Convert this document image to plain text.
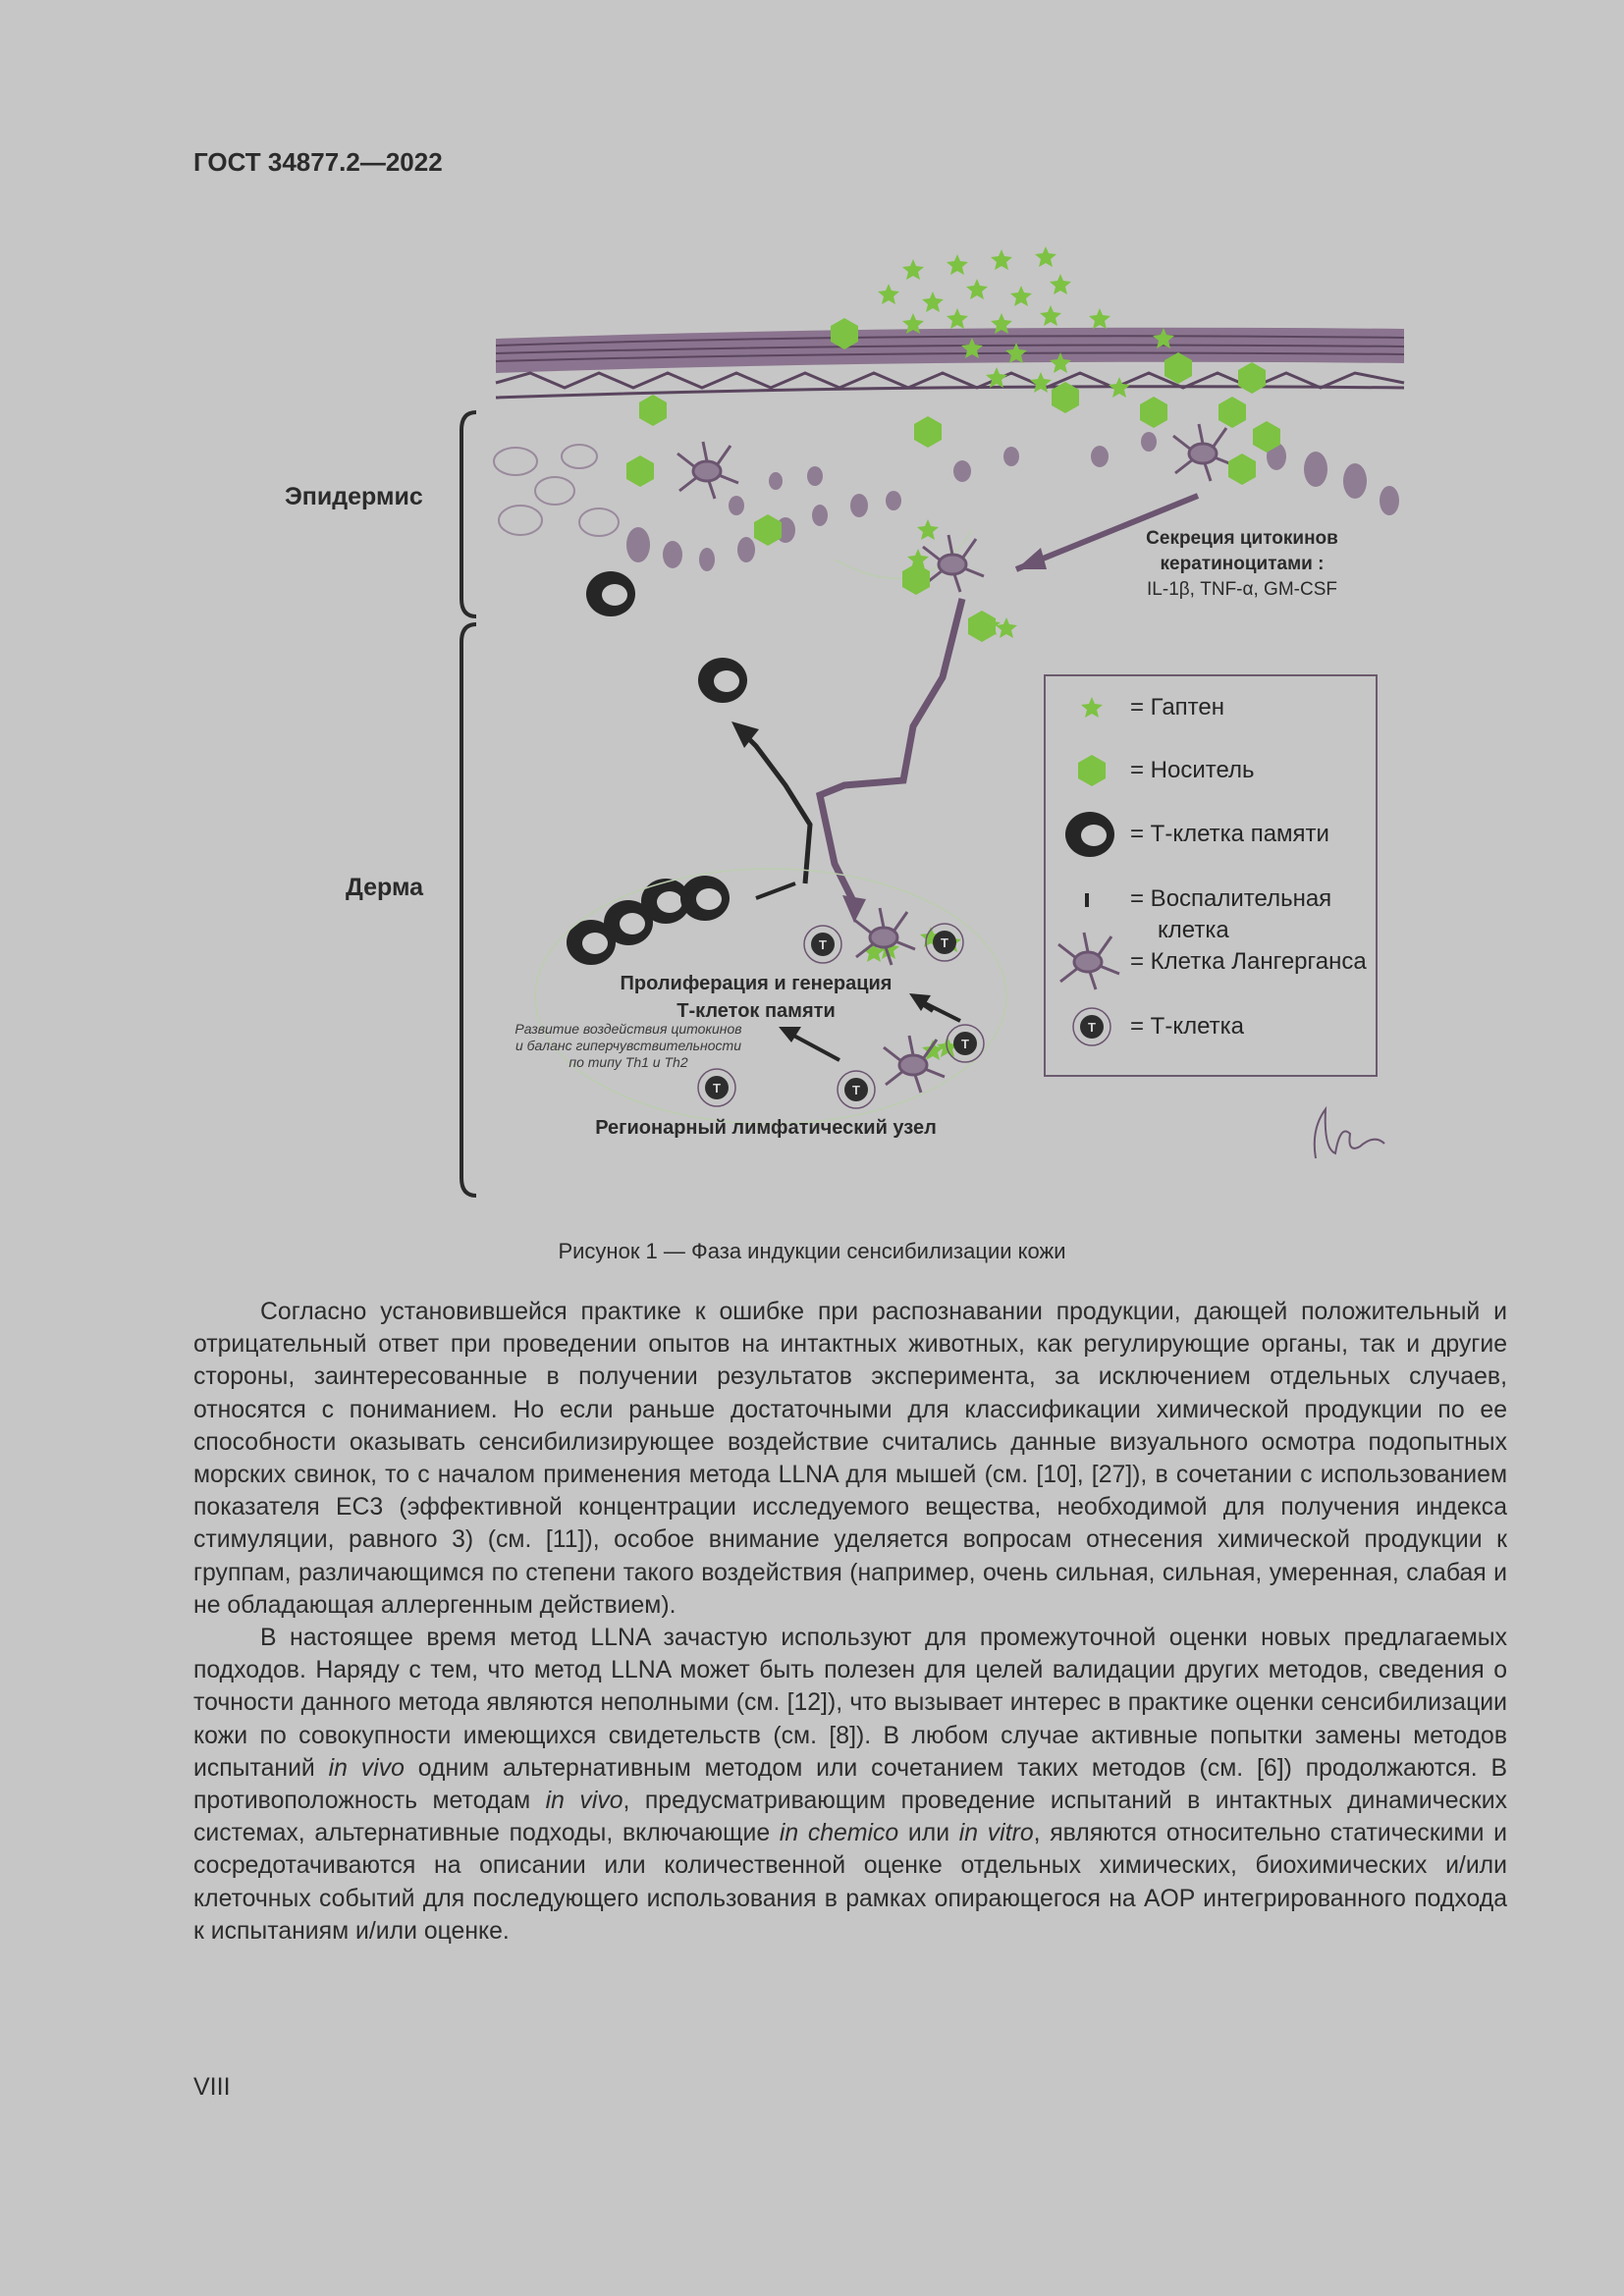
ГОСТ 34877.2—2022
T	T
T
T
T
T
Эпидермис
Дерма
Секреция цитокинов
кератиноцитами :
IL-1β, TNF-α, GM-CSF
Пролиферация и генерация
Т-клеток памяти
Развитие воздействия цитокинов
и баланс гиперчувствительности
по типу Th1 и Th2
Регионарный лимфатический узел
= Гаптен
= Носитель
= Т-клетка памяти
= Воспалительная
клетка
= Клетка Лангерганса
= Т-клетка
Рисунок 1 — Фаза индукции сенсибилизации кожи

Согласно установившейся практике к ошибке при распознавании продукции, дающей положительный и отрицательный ответ при проведении опытов на интактных животных, как регулирующие органы, так и другие стороны, заинтересованные в получении результатов эксперимента, за исключением отдельных случаев, относятся с пониманием. Но если раньше достаточными для классификации химической продукции по ее способности оказывать сенсибилизирующее воздействие считались данные визуального осмотра подопытных морских свинок, то с началом применения метода LLNA для мышей (см. [10], [27]), в сочетании с использованием показателя EC3 (эффективной концентрации исследуемого вещества, необходимой для получения индекса стимуляции, равного 3) (см. [11]), особое внимание уделяется вопросам отнесения химической продукции к группам, различающимся по степени такого воздействия (например, очень сильная, сильная, умеренная, слабая и не обладающая аллергенным действием).

В настоящее время метод LLNA зачастую используют для промежуточной оценки новых предлагаемых подходов. Наряду с тем, что метод LLNA может быть полезен для целей валидации других методов, сведения о точности данного метода являются неполными (см. [12]), что вызывает интерес в практике оценки сенсибилизации кожи по совокупности имеющихся свидетельств (см. [8]). В любом случае активные попытки замены методов испытаний in vivo одним альтернативным методом или сочетанием таких методов (см. [6]) продолжаются. В противоположность методам in vivo, предусматривающим проведение испытаний в интактных динамических системах, альтернативные подходы, включающие in chemico или in vitro, являются относительно статическими и сосредотачиваются на описании или количественной оценке отдельных химических, биохимических и/или клеточных событий для последующего использования в рамках опирающегося на AOP интегрированного подхода к испытаниям и/или оценке.

VIII
